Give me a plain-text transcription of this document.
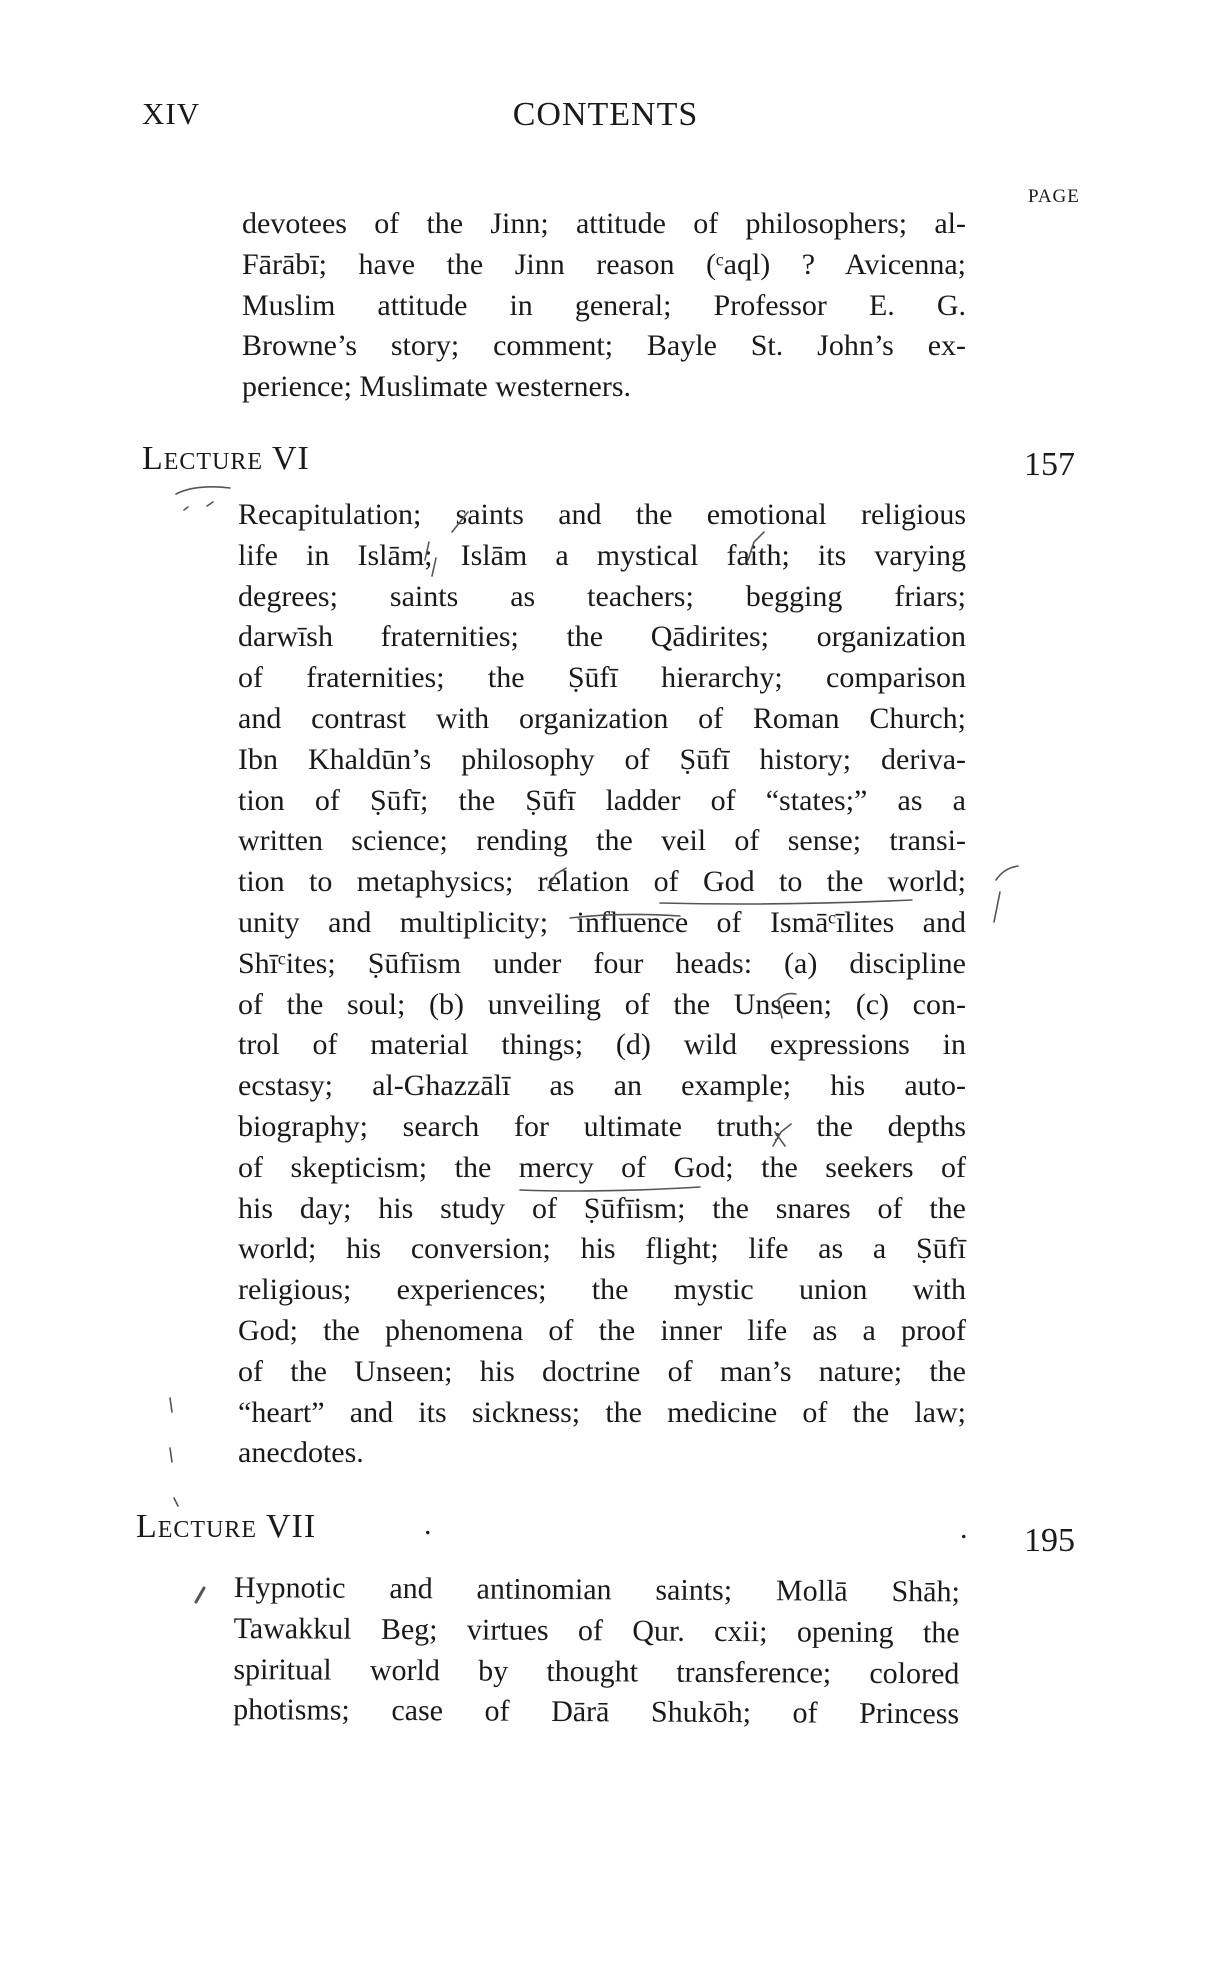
XIV	CONTENTS
PAGE
devotees of the Jinn; attitude of philosophers; al-
Fārābī; have the Jinn reason (ᶜaql) ? Avicenna;
Muslim attitude in general; Professor E. G.
Browne’s story; comment; Bayle St. John’s ex-
perience; Muslimate westerners.
Lecture VI	157
Recapitulation; saints and the emotional religious
life in Islām; Islām a mystical faith; its varying
degrees; saints as teachers; begging friars;
darwīsh fraternities; the Qādirites; organization
of fraternities; the Ṣūfī hierarchy; comparison
and contrast with organization of Roman Church;
Ibn Khaldūn’s philosophy of Ṣūfī history; deriva-
tion of Ṣūfī; the Ṣūfī ladder of “states;” as a
written science; rending the veil of sense; transi-
tion to metaphysics; relation of God to the world;
unity and multiplicity; influence of Ismāᶜīlites and
Shīᶜites; Ṣūfīism under four heads: (a) discipline
of the soul; (b) unveiling of the Unseen; (c) con-
trol of material things; (d) wild expressions in
ecstasy; al-Ghazzālī as an example; his auto-
biography; search for ultimate truth; the depths
of skepticism; the mercy of God; the seekers of
his day; his study of Ṣūfīism; the snares of the
world; his conversion; his flight; life as a Ṣūfī
religious; experiences; the mystic union with
God; the phenomena of the inner life as a proof
of the Unseen; his doctrine of man’s nature; the
“heart” and its sickness; the medicine of the law;
anecdotes.
Lecture VII	.	. 195
Hypnotic and antinomian saints; Mollā Shāh;
Tawakkul Beg; virtues of Qur. cxii; opening the
spiritual world by thought transference; colored
photisms; case of Dārā Shukōh; of Princess
